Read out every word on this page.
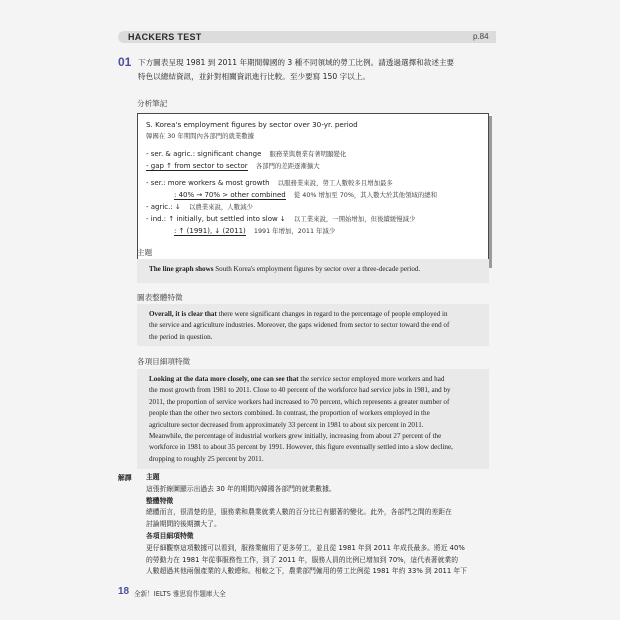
HACKERS TEST	p.84
01 下方圖表呈現 1981 到 2011 年期間韓國的 3 種不同領域的勞工比例。請透過選擇和敘述主要
特色以總結資訊，並針對相關資訊進行比較。至少要寫 150 字以上。
分析筆記
S. Korea's employment figures by sector over 30-yr. period
韓國在 30 年期間內各部門的就業數據
- ser. & agric.: significant change 服務業與農業有著明顯變化
- gap ↑ from sector to sector 各部門的差距逐漸擴大
- ser.: more workers & most growth 以服務業來說，勞工人數較多且增加最多
: 40% → 70% > other combined 從 40% 增加至 70%，其人數大於其他領域的總和
- agric.: ↓ 以農業來說，人數減少
- ind.: ↑ initially, but settled into slow ↓ 以工業來說，一開始增加，但後續緩慢減少
: ↑ (1991), ↓ (2011) 1991 年增加，2011 年減少
主題
The line graph shows South Korea's employment figures by sector over a three-decade period.
圖表整體特徵
Overall, it is clear that there were significant changes in regard to the percentage of people employed in
the service and agriculture industries. Moreover, the gaps widened from sector to sector toward the end of
the period in question.
各項目細項特徵
Looking at the data more closely, one can see that the service sector employed more workers and had
the most growth from 1981 to 2011. Close to 40 percent of the workforce had service jobs in 1981, and by
2011, the proportion of service workers had increased to 70 percent, which represents a greater number of
people than the other two sectors combined. In contrast, the proportion of workers employed in the
agriculture sector decreased from approximately 33 percent in 1981 to about six percent in 2011.
Meanwhile, the percentage of industrial workers grew initially, increasing from about 27 percent of the
workforce in 1981 to about 35 percent by 1991. However, this figure eventually settled into a slow decline,
dropping to roughly 25 percent by 2011.
解譯 主題
這張折線圖顯示出過去 30 年的期間內韓國各部門的就業數據。
整體特徵
總體而言，很清楚的是，服務業和農業就業人數的百分比已有顯著的變化。此外，各部門之間的差距在
討論期間的後期擴大了。
各項目細項特徵
更仔細觀察這項數據可以看到，服務業僱用了更多勞工，並且從 1981 年到 2011 年成長最多。將近 40%
的勞動力在 1981 年從事服務性工作，到了 2011 年，服務人員的比例已增加到 70%，這代表著就業的
人數超過其他兩個產業的人數總和。相較之下，農業部門僱用的勞工比例從 1981 年約 33% 到 2011 年下
18 全新！IELTS 雅思寫作題庫大全
